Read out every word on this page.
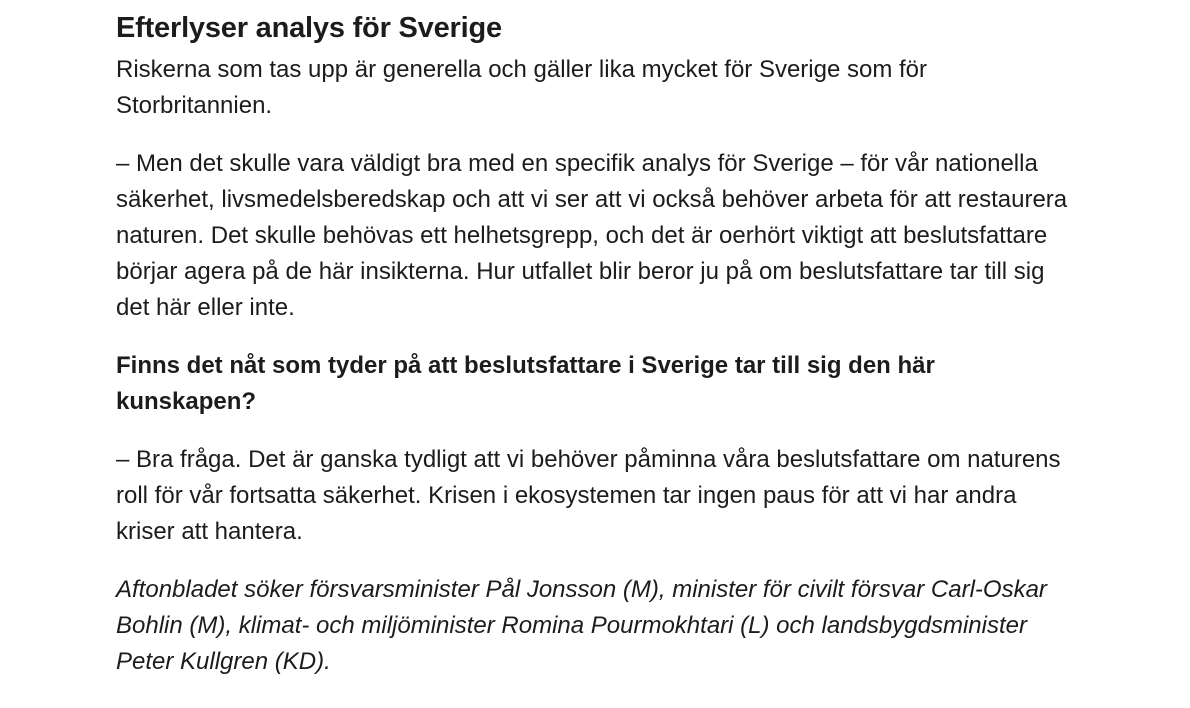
Efterlyser analys för Sverige

Riskerna som tas upp är generella och gäller lika mycket för Sverige som för Storbritannien.

– Men det skulle vara väldigt bra med en specifik analys för Sverige – för vår nationella säkerhet, livsmedelsberedskap och att vi ser att vi också behöver arbeta för att restaurera naturen. Det skulle behövas ett helhetsgrepp, och det är oerhört viktigt att beslutsfattare börjar agera på de här insikterna. Hur utfallet blir beror ju på om beslutsfattare tar till sig det här eller inte.

Finns det nåt som tyder på att beslutsfattare i Sverige tar till sig den här kunskapen?

– Bra fråga. Det är ganska tydligt att vi behöver påminna våra beslutsfattare om naturens roll för vår fortsatta säkerhet. Krisen i ekosystemen tar ingen paus för att vi har andra kriser att hantera.

Aftonbladet söker försvarsminister Pål Jonsson (M), minister för civilt försvar Carl-Oskar Bohlin (M), klimat- och miljöminister Romina Pourmokhtari (L) och landsbygdsminister Peter Kullgren (KD).
